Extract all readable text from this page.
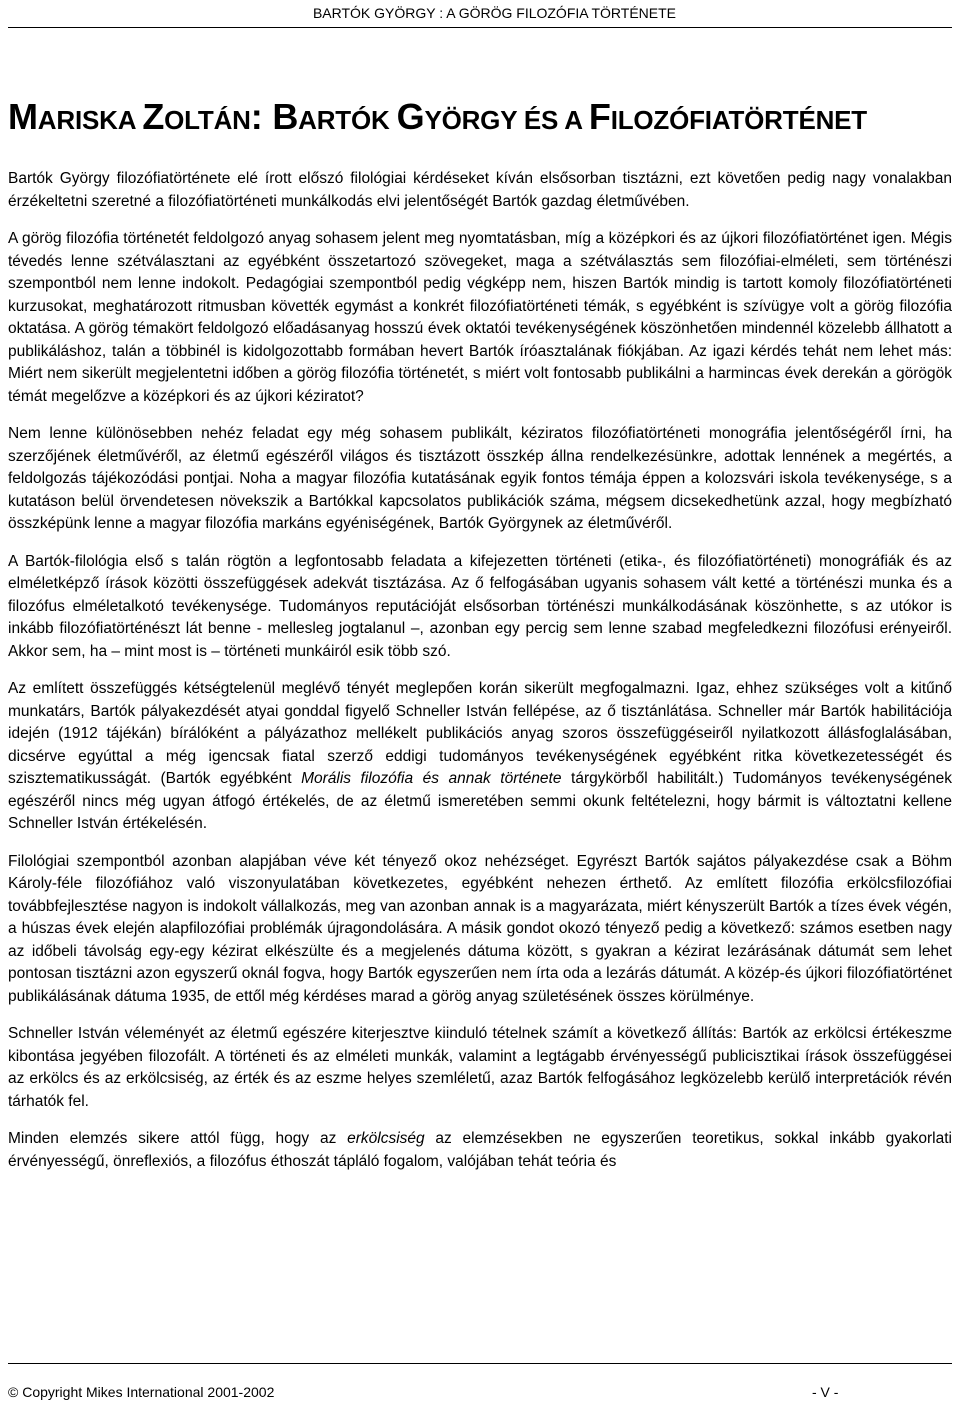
BARTÓK GYÖRGY : A GÖRÖG FILOZÓFIA TÖRTÉNETE
MARISKA ZOLTÁN: BARTÓK GYÖRGY ÉS A FILOZÓFIATÖRTÉNET

Bartók György filozófiatörténete elé írott előszó filológiai kérdéseket kíván elsősorban tisztázni, ezt követően pedig nagy vonalakban érzékeltetni szeretné a filozófiatörténeti munkálkodás elvi jelentőségét Bartók gazdag életművében.

A görög filozófia történetét feldolgozó anyag sohasem jelent meg nyomtatásban, míg a középkori és az újkori filozófiatörténet igen. Mégis tévedés lenne szétválasztani az egyébként összetartozó szövegeket, maga a szétválasztás sem filozófiai-elméleti, sem történészi szempontból nem lenne indokolt. Pedagógiai szempontból pedig végképp nem, hiszen Bartók mindig is tartott komoly filozófiatörténeti kurzusokat, meghatározott ritmusban követték egymást a konkrét filozófiatörténeti témák, s egyébként is szívügye volt a görög filozófia oktatása. A görög témakört feldolgozó előadásanyag hosszú évek oktatói tevékenységének köszönhetően mindennél közelebb állhatott a publikáláshoz, talán a többinél is kidolgozottabb formában hevert Bartók íróasztalának fiókjában. Az igazi kérdés tehát nem lehet más: Miért nem sikerült megjelentetni időben a görög filozófia történetét, s miért volt fontosabb publikálni a harmincas évek derekán a görögök témát megelőzve a középkori és az újkori kéziratot?

Nem lenne különösebben nehéz feladat egy még sohasem publikált, kéziratos filozófiatörténeti monográfia jelentőségéről írni, ha szerzőjének életművéről, az életmű egészéről világos és tisztázott összkép állna rendelkezésünkre, adottak lennének a megértés, a feldolgozás tájékozódási pontjai. Noha a magyar filozófia kutatásának egyik fontos témája éppen a kolozsvári iskola tevékenysége, s a kutatáson belül örvendetesen növekszik a Bartókkal kapcsolatos publikációk száma, mégsem dicsekedhetünk azzal, hogy megbízható összképünk lenne a magyar filozófia markáns egyéniségének, Bartók Györgynek az életművéről.

A Bartók-filológia első s talán rögtön a legfontosabb feladata a kifejezetten történeti (etika-, és filozófiatörténeti) monográfiák és az elméletképző írások közötti összefüggések adekvát tisztázása. Az ő felfogásában ugyanis sohasem vált ketté a történészi munka és a filozófus elméletalkotó tevékenysége. Tudományos reputációját elsősorban történészi munkálkodásának köszönhette, s az utókor is inkább filozófiatörténészt lát benne - mellesleg jogtalanul –, azonban egy percig sem lenne szabad megfeledkezni filozófusi erényeiről. Akkor sem, ha – mint most is – történeti munkáiról esik több szó.

Az említett összefüggés kétségtelenül meglévő tényét meglepően korán sikerült megfogalmazni. Igaz, ehhez szükséges volt a kitűnő munkatárs, Bartók pályakezdését atyai gonddal figyelő Schneller István fellépése, az ő tisztánlátása. Schneller már Bartók habilitációja idején (1912 tájékán) bírálóként a pályázathoz mellékelt publikációs anyag szoros összefüggéseiről nyilatkozott állásfoglalásában, dicsérve egyúttal a még igencsak fiatal szerző eddigi tudományos tevékenységének egyébként ritka következetességét és szisztematikusságát. (Bartók egyébként Morális filozófia és annak története tárgykörből habilitált.) Tudományos tevékenységének egészéről nincs még ugyan átfogó értékelés, de az életmű ismeretében semmi okunk feltételezni, hogy bármit is változtatni kellene Schneller István értékelésén.

Filológiai szempontból azonban alapjában véve két tényező okoz nehézséget. Egyrészt Bartók sajátos pályakezdése csak a Böhm Károly-féle filozófiához való viszonyulatában következetes, egyébként nehezen érthető. Az említett filozófia erkölcsfilozófiai továbbfejlesztése nagyon is indokolt vállalkozás, meg van azonban annak is a magyarázata, miért kényszerült Bartók a tízes évek végén, a húszas évek elején alapfilozófiai problémák újragondolására. A másik gondot okozó tényező pedig a következő: számos esetben nagy az időbeli távolság egy-egy kézirat elkészülte és a megjelenés dátuma között, s gyakran a kézirat lezárásának dátumát sem lehet pontosan tisztázni azon egyszerű oknál fogva, hogy Bartók egyszerűen nem írta oda a lezárás dátumát. A közép-és újkori filozófiatörténet publikálásának dátuma 1935, de ettől még kérdéses marad a görög anyag születésének összes körülménye.

Schneller István véleményét az életmű egészére kiterjesztve kiinduló tételnek számít a következő állítás: Bartók az erkölcsi értékeszme kibontása jegyében filozofált. A történeti és az elméleti munkák, valamint a legtágabb érvényességű publicisztikai írások összefüggései az erkölcs és az erkölcsiség, az érték és az eszme helyes szemléletű, azaz Bartók felfogásához legközelebb kerülő interpretációk révén tárhatók fel.

Minden elemzés sikere attól függ, hogy az erkölcsiség az elemzésekben ne egyszerűen teoretikus, sokkal inkább gyakorlati érvényességű, önreflexiós, a filozófus éthoszát tápláló fogalom, valójában tehát teória és

© Copyright Mikes International 2001-2002	- V -
